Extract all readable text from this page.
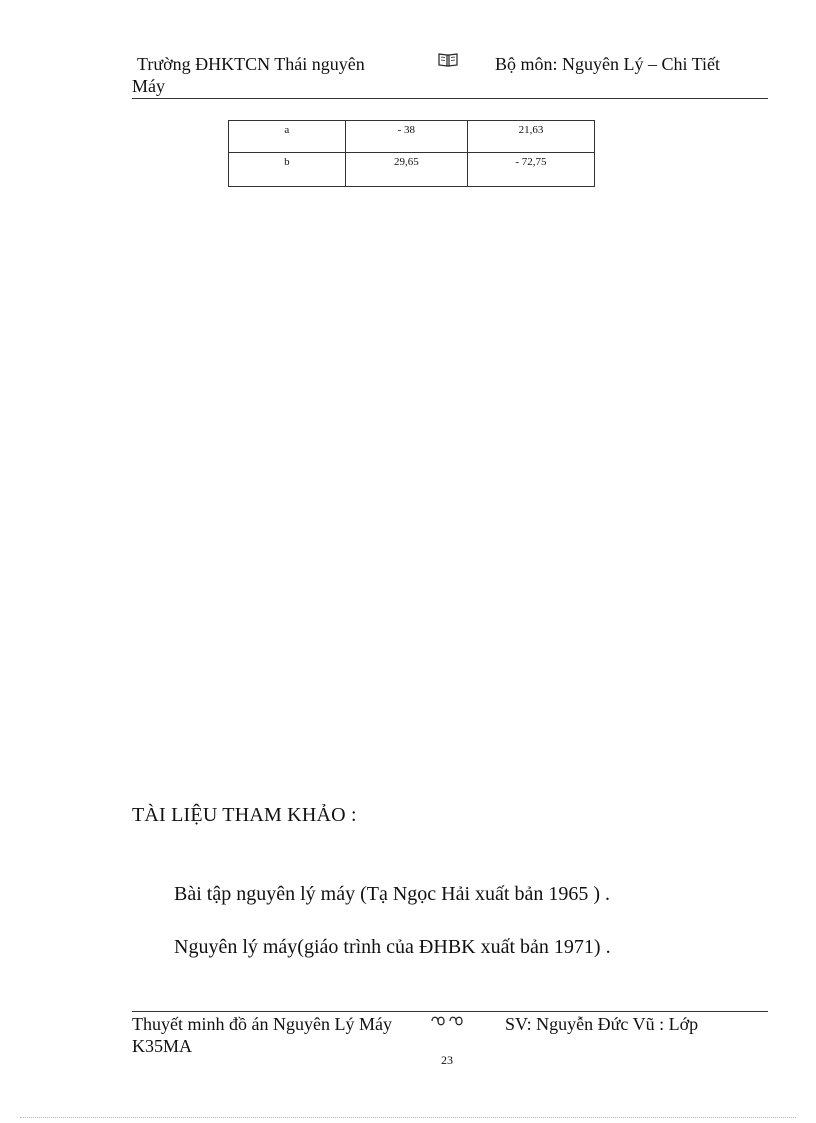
Trường ĐHKTCN Thái nguyên	Bộ môn: Nguyên Lý – Chi Tiết
Máy
a	- 38	21,63
b	29,65	- 72,75
TÀI LIỆU THAM KHẢO :
Bài tập nguyên lý máy (Tạ Ngọc Hải xuất bản 1965 ) .
Nguyên lý máy(giáo trình của ĐHBK xuất bản 1971) .
Thuyết minh đồ án Nguyên Lý Máy	SV: Nguyễn Đức Vũ : Lớp
K35MA
23
